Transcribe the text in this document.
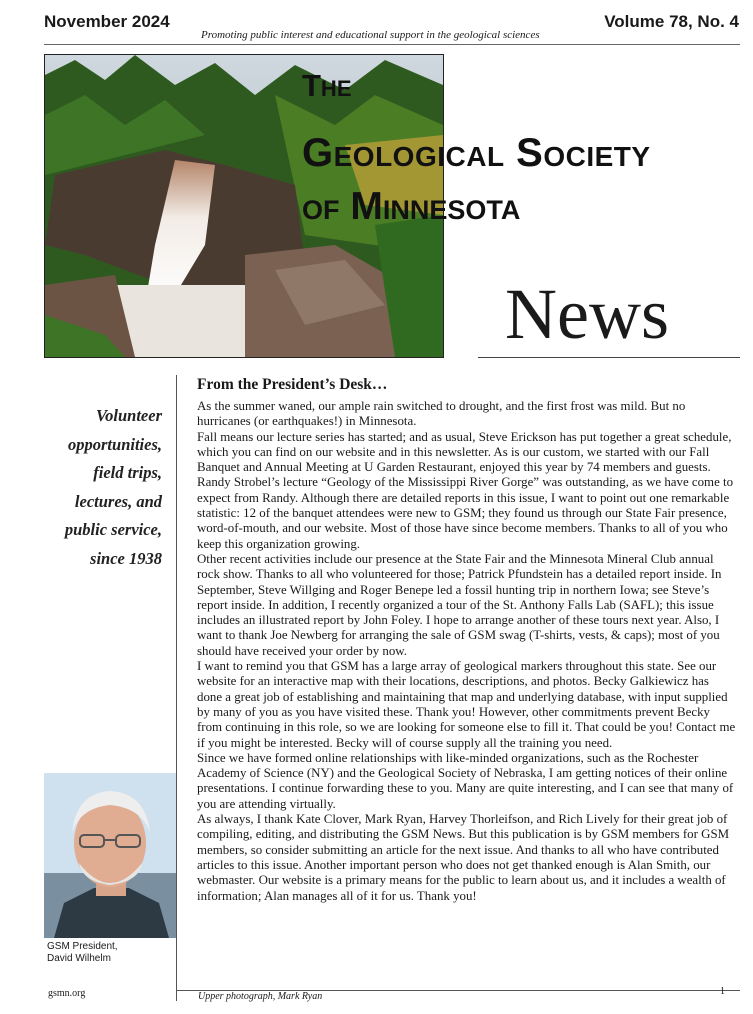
November 2024	Volume 78, No. 4
Promoting public interest and educational support in the geological sciences
The
Geological Society
of Minnesota
News
Volunteer
opportunities,
field trips,
lectures, and
public service,
since 1938
GSM President,
David Wilhelm
From the President’s Desk…

As the summer waned, our ample rain switched to drought, and the first frost was mild. But no hurricanes (or earthquakes!) in Minnesota.

Fall means our lecture series has started; and as usual, Steve Erickson has put together a great schedule, which you can find on our website and in this newsletter. As is our custom, we started with our Fall Banquet and Annual Meeting at U Garden Restaurant, enjoyed this year by 74 members and guests. Randy Strobel’s lecture “Geology of the Mississippi River Gorge” was outstanding, as we have come to expect from Randy. Although there are detailed reports in this issue, I want to point out one remarkable statistic: 12 of the banquet attendees were new to GSM; they found us through our State Fair presence, word-of-mouth, and our website. Most of those have since become members. Thanks to all of you who keep this organization growing.

Other recent activities include our presence at the State Fair and the Minnesota Mineral Club annual rock show. Thanks to all who volunteered for those; Patrick Pfundstein has a detailed report inside. In September, Steve Willging and Roger Benepe led a fossil hunting trip in northern Iowa; see Steve’s report inside. In addition, I recently organized a tour of the St. Anthony Falls Lab (SAFL); this issue includes an illustrated report by John Foley. I hope to arrange another of these tours next year. Also, I want to thank Joe Newberg for arranging the sale of GSM swag (T-shirts, vests, & caps); most of you should have received your order by now.

I want to remind you that GSM has a large array of geological markers throughout this state. See our website for an interactive map with their locations, descriptions, and photos. Becky Galkiewicz has done a great job of establishing and maintaining that map and underlying database, with input supplied by many of you as you have visited these. Thank you! However, other commitments prevent Becky from continuing in this role, so we are looking for someone else to fill it. That could be you! Contact me if you might be interested. Becky will of course supply all the training you need.

Since we have formed online relationships with like-minded organizations, such as the Rochester Academy of Science (NY) and the Geological Society of Nebraska, I am getting notices of their online presentations. I continue forwarding these to you. Many are quite interesting, and I can see that many of you are attending virtually.

As always, I thank Kate Clover, Mark Ryan, Harvey Thorleifson, and Rich Lively for their great job of compiling, editing, and distributing the GSM News. But this publication is by GSM members for GSM members, so consider submitting an article for the next issue. And thanks to all who have contributed articles to this issue. Another important person who does not get thanked enough is Alan Smith, our webmaster. Our website is a primary means for the public to learn about us, and it includes a wealth of information; Alan manages all of it for us. Thank you!

gsmn.org	Upper photograph, Mark Ryan	1
